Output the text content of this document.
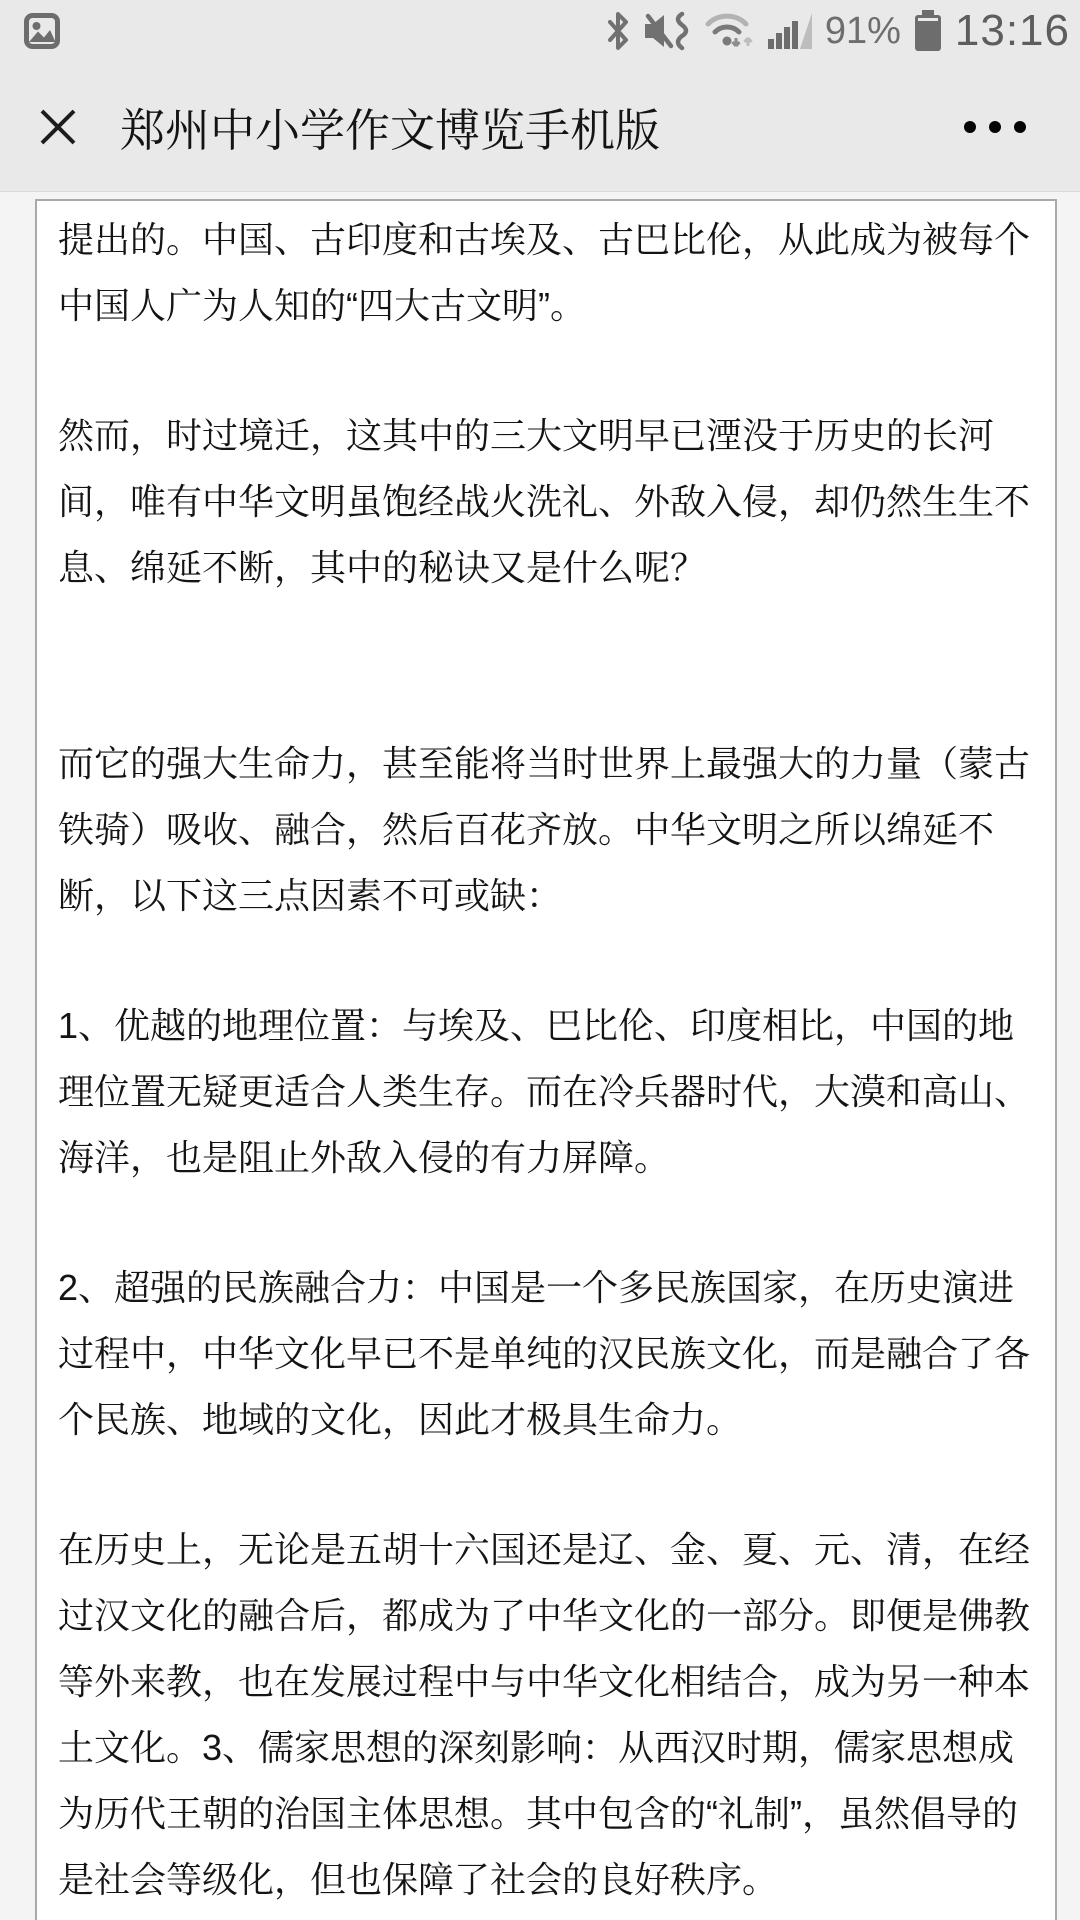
91% 13:16
郑州中小学作文博览手机版

提出的。中国、古印度和古埃及、古巴比伦，从此成为被每个中国人广为人知的“四大古文明”。

然而，时过境迁，这其中的三大文明早已湮没于历史的长河间，唯有中华文明虽饱经战火洗礼、外敌入侵，却仍然生生不息、绵延不断，其中的秘诀又是什么呢？

而它的强大生命力，甚至能将当时世界上最强大的力量（蒙古铁骑）吸收、融合，然后百花齐放。中华文明之所以绵延不断，以下这三点因素不可或缺：

1、优越的地理位置：与埃及、巴比伦、印度相比，中国的地理位置无疑更适合人类生存。而在冷兵器时代，大漠和高山、海洋，也是阻止外敌入侵的有力屏障。

2、超强的民族融合力：中国是一个多民族国家，在历史演进过程中，中华文化早已不是单纯的汉民族文化，而是融合了各个民族、地域的文化，因此才极具生命力。

在历史上，无论是五胡十六国还是辽、金、夏、元、清，在经过汉文化的融合后，都成为了中华文化的一部分。即便是佛教等外来教，也在发展过程中与中华文化相结合，成为另一种本土文化。3、儒家思想的深刻影响：从西汉时期，儒家思想成为历代王朝的治国主体思想。其中包含的“礼制”，虽然倡导的是社会等级化，但也保障了社会的良好秩序。
